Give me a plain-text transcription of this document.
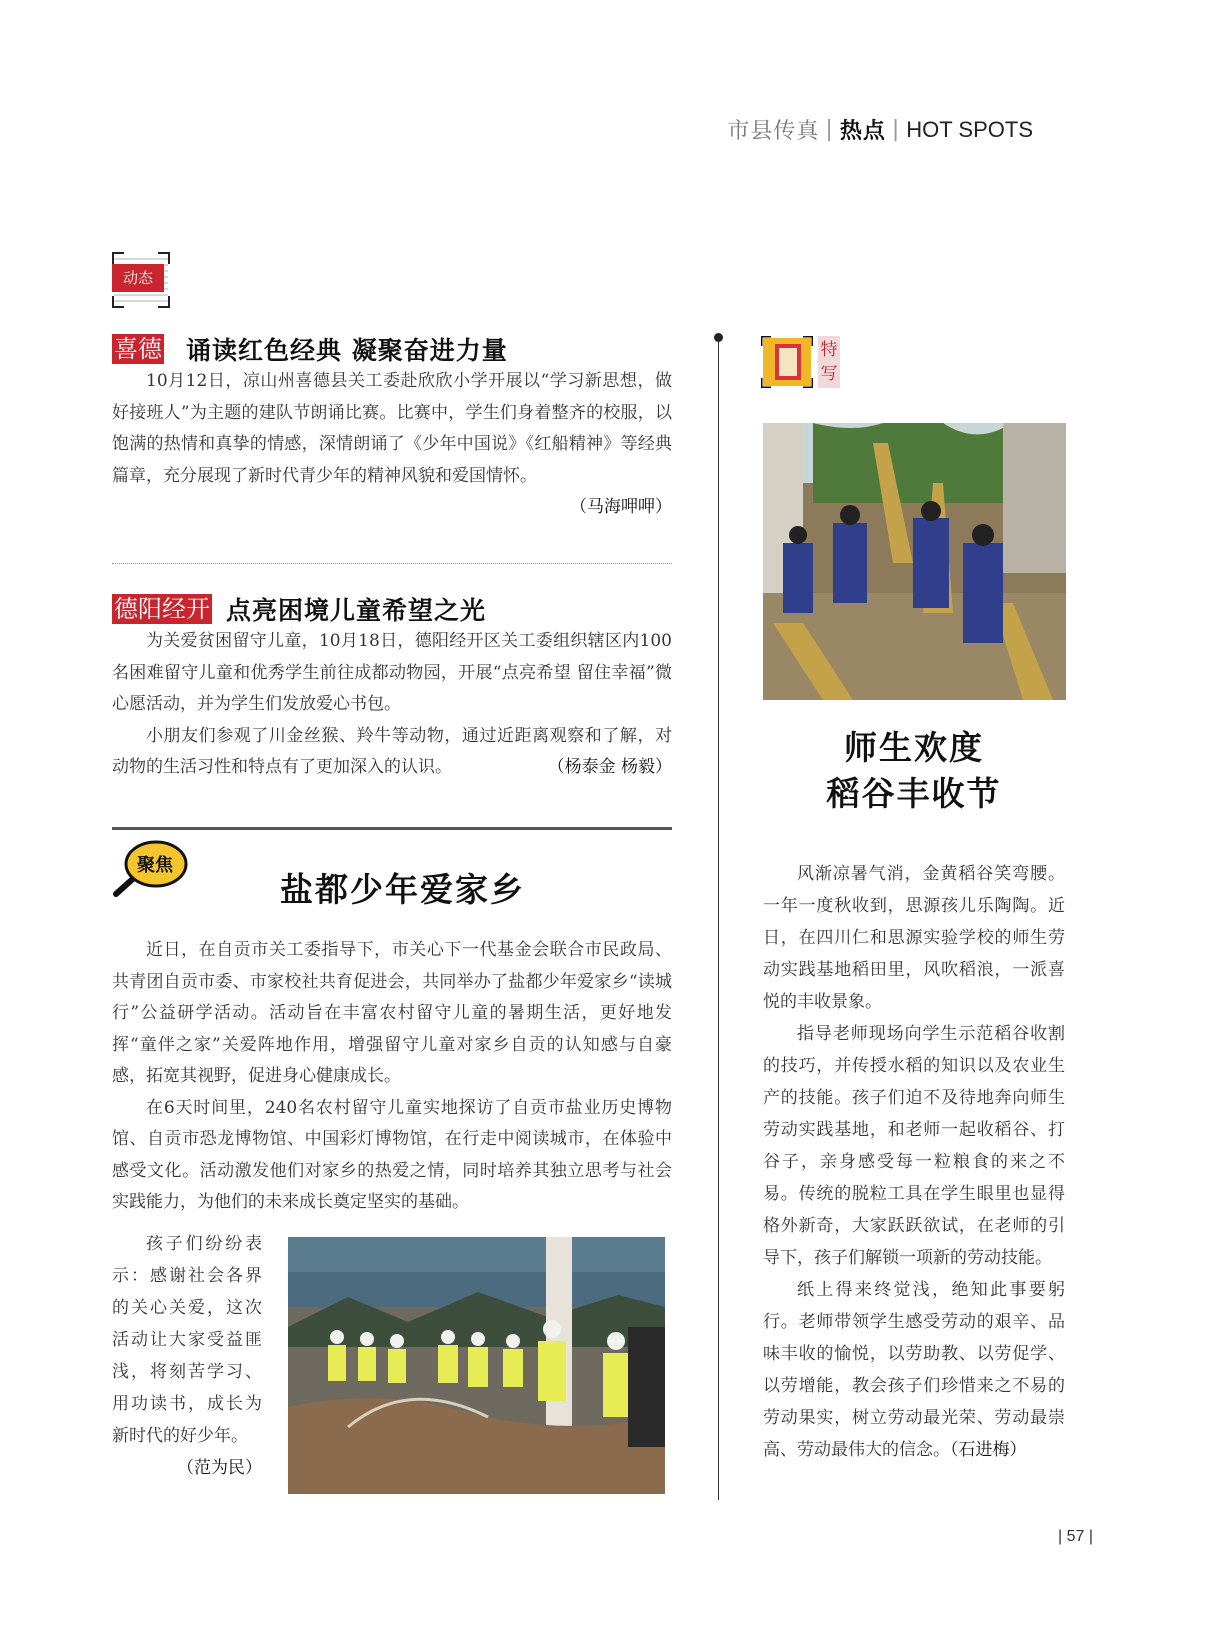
市县传真 | 热点 | HOT SPOTS
动态
喜德 诵读红色经典 凝聚奋进力量

10月12日，凉山州喜德县关工委赴欣欣小学开展以“学习新思想，做好接班人”为主题的建队节朗诵比赛。比赛中，学生们身着整齐的校服，以饱满的热情和真挚的情感，深情朗诵了《少年中国说》《红船精神》等经典篇章，充分展现了新时代青少年的精神风貌和爱国情怀。
（马海呷呷）

德阳经开 点亮困境儿童希望之光

为关爱贫困留守儿童，10月18日，德阳经开区关工委组织辖区内100名困难留守儿童和优秀学生前往成都动物园，开展“点亮希望 留住幸福”微心愿活动，并为学生们发放爱心书包。

小朋友们参观了川金丝猴、羚牛等动物，通过近距离观察和了解，对动物的生活习性和特点有了更加深入的认识。	（杨泰金 杨毅）

聚焦
盐都少年爱家乡

近日，在自贡市关工委指导下，市关心下一代基金会联合市民政局、共青团自贡市委、市家校社共育促进会，共同举办了盐都少年爱家乡“读城行”公益研学活动。活动旨在丰富农村留守儿童的暑期生活，更好地发挥“童伴之家”关爱阵地作用，增强留守儿童对家乡自贡的认知感与自豪感，拓宽其视野，促进身心健康成长。

在6天时间里，240名农村留守儿童实地探访了自贡市盐业历史博物馆、自贡市恐龙博物馆、中国彩灯博物馆，在行走中阅读城市，在体验中感受文化。活动激发他们对家乡的热爱之情，同时培养其独立思考与社会实践能力，为他们的未来成长奠定坚实的基础。

孩子们纷纷表示：感谢社会各界的关心关爱，这次活动让大家受益匪浅，将刻苦学习、用功读书，成长为新时代的好少年。

（范为民）

特写
师生欢度
稻谷丰收节

风渐凉暑气消，金黄稻谷笑弯腰。一年一度秋收到，思源孩儿乐陶陶。近日，在四川仁和思源实验学校的师生劳动实践基地稻田里，风吹稻浪，一派喜悦的丰收景象。

指导老师现场向学生示范稻谷收割的技巧，并传授水稻的知识以及农业生产的技能。孩子们迫不及待地奔向师生劳动实践基地，和老师一起收稻谷、打谷子，亲身感受每一粒粮食的来之不易。传统的脱粒工具在学生眼里也显得格外新奇，大家跃跃欲试，在老师的引导下，孩子们解锁一项新的劳动技能。

纸上得来终觉浅，绝知此事要躬行。老师带领学生感受劳动的艰辛、品味丰收的愉悦，以劳助教、以劳促学、以劳增能，教会孩子们珍惜来之不易的劳动果实，树立劳动最光荣、劳动最崇高、劳动最伟大的信念。（石进梅）

| 57 |
